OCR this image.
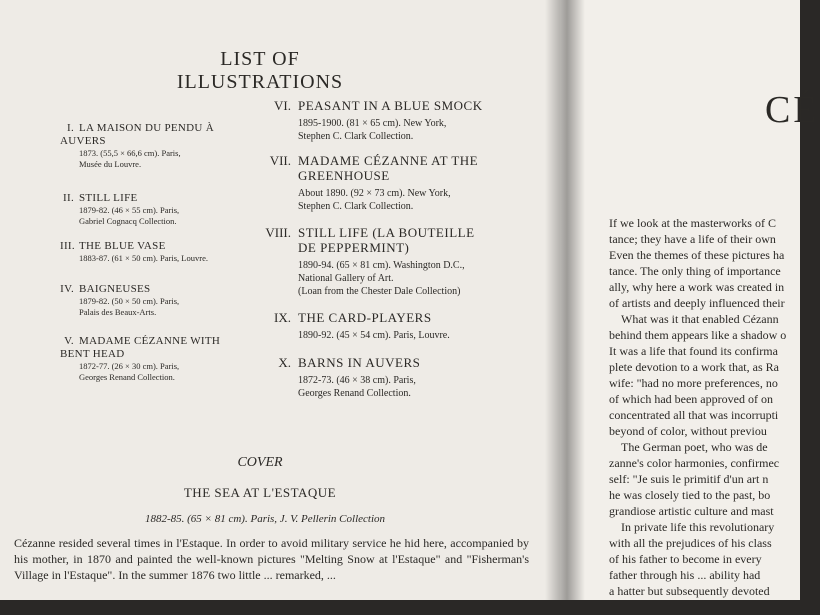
LIST OF ILLUSTRATIONS
I. LA MAISON DU PENDU À AUVERS
1873. (55,5 × 66,6 cm). Paris,
Musée du Louvre.
II. STILL LIFE
1879-82. (46 × 55 cm). Paris,
Gabriel Cognacq Collection.
III. THE BLUE VASE
1883-87. (61 × 50 cm). Paris, Louvre.
IV. BAIGNEUSES
1879-82. (50 × 50 cm). Paris,
Palais des Beaux-Arts.
V. MADAME CÉZANNE WITH BENT HEAD
1872-77. (26 × 30 cm). Paris,
Georges Renand Collection.
VI. PEASANT IN A BLUE SMOCK
1895-1900. (81 × 65 cm). New York,
Stephen C. Clark Collection.
VII. MADAME CÉZANNE AT THE GREENHOUSE
About 1890. (92 × 73 cm). New York,
Stephen C. Clark Collection.
VIII. STILL LIFE (LA BOUTEILLE DE PEPPERMINT)
1890-94. (65 × 81 cm). Washington D.C.,
National Gallery of Art.
(Loan from the Chester Dale Collection)
IX. THE CARD-PLAYERS
1890-92. (45 × 54 cm). Paris, Louvre.
X. BARNS IN AUVERS
1872-73. (46 × 38 cm). Paris,
Georges Renand Collection.
COVER
THE SEA AT L'ESTAQUE
1882-85. (65 × 81 cm). Paris, J. V. Pellerin Collection

Cézanne resided several times in l'Estaque. In order to avoid military service he hid here, accompanied by his mother, in 1870 and painted the well-known pictures "Melting Snow at l'Estaque" and "Fisherman's Village in l'Estaque". In the summer 1876 two little ... remarked, ...

CÉ
If we look at the masterworks of C
tance; they have a life of their own
Even the themes of these pictures ha
tance. The only thing of importance
ally, why here a work was created in
of artists and deeply influenced their
What was it that enabled Cézann
behind them appears like a shadow o
It was a life that found its confirma
plete devotion to a work that, as Ra
wife: "had no more preferences, no
of which had been approved of on
concentrated all that was incorrupti
beyond of color, without previou
The German poet, who was de
zanne's color harmonies, confirmec
self: "Je suis le primitif d'un art n
he was closely tied to the past, bo
grandiose artistic culture and mast
In private life this revolutionary
with all the prejudices of his class
of his father to become in every
father through his ... ability had
a hatter but subsequently devoted
f ...
